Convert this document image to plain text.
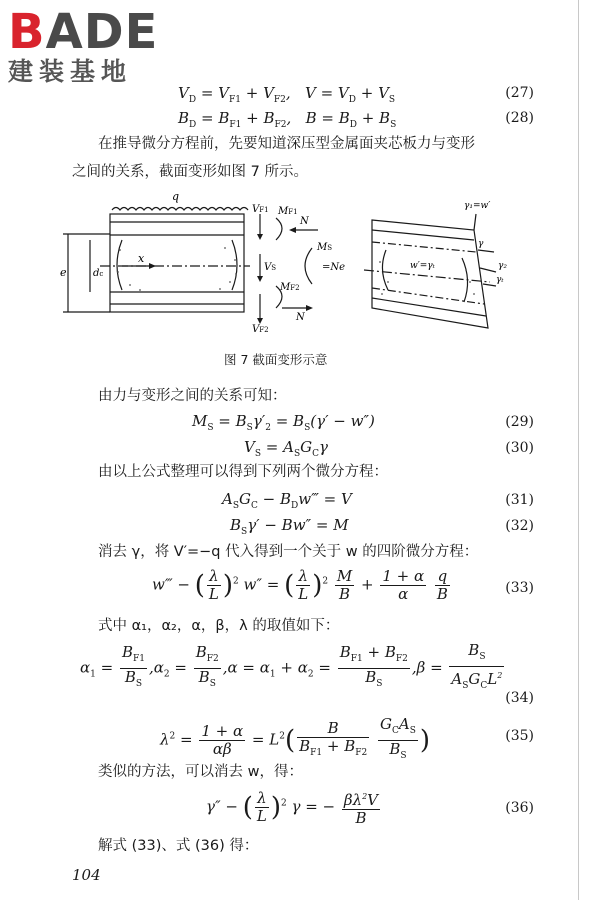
BADE
建装基地
$V_D = V_{F1} + V_{F2}$,   $V = V_D + V_S$	(27)
$B_D = B_{F1} + B_{F2}$,   $B = B_D + B_S$	(28)
在推导微分方程前，先要知道深压型金属面夹芯板力与变形
之间的关系，截面变形如图 7 所示。
q
VF1 MF1
N
MS
VS	=Ne
MF2
N
VF2
x
e	dc
γ₁=w′
γ
γ₂
γₜ
w′=γₜ
图 7 截面变形示意
由力与变形之间的关系可知：
$M_S = B_S\gamma'_2 = B_S(\gamma' - w'')$	(29)
$V_S = A_SG_C\gamma$	(30)
由以上公式整理可以得到下列两个微分方程：
$A_SG_C$ − $B_Dw‴ = V$	(31)
$B_S\gamma' - Bw'' = M$	(32)
消去 γ，将 V′=−q 代入得到一个关于 w 的四阶微分方程：
w‴ − ( $\frac{\lambda}{L} )^2$ w″ = ( $\frac{\lambda}{L} )^2 \frac{M}{B} + \frac{1 + \alpha}{\alpha}$
$\frac{q}{B}$	(33)
式中 α₁，α₂，α，β，λ 的取值如下：
$\alpha_1 = \frac{B_{F1}}{B_S} ,\alpha_2 = \frac{B_{F2}}{B_S} ,\alpha = \alpha_1 + \alpha_2 = \frac{B_{F1} + B_{F2}}{B_S} ,\beta = \frac{B_S}{A_SG_CL^2}$
(34)
$\lambda^2 = \frac{1 + \alpha}{\alpha\beta} = L^2( \frac{B}{B_{F1} + B_{F2}}$
$\frac{G_CA_S}{B_S}$ )	(35)
类似的方法，可以消去 w，得：
γ″ − ( $\frac{\lambda}{L} )^2$ γ = − $\frac{\beta\lambda^2V}{B}$	(36)
解式 (33)、式 (36) 得：
104
